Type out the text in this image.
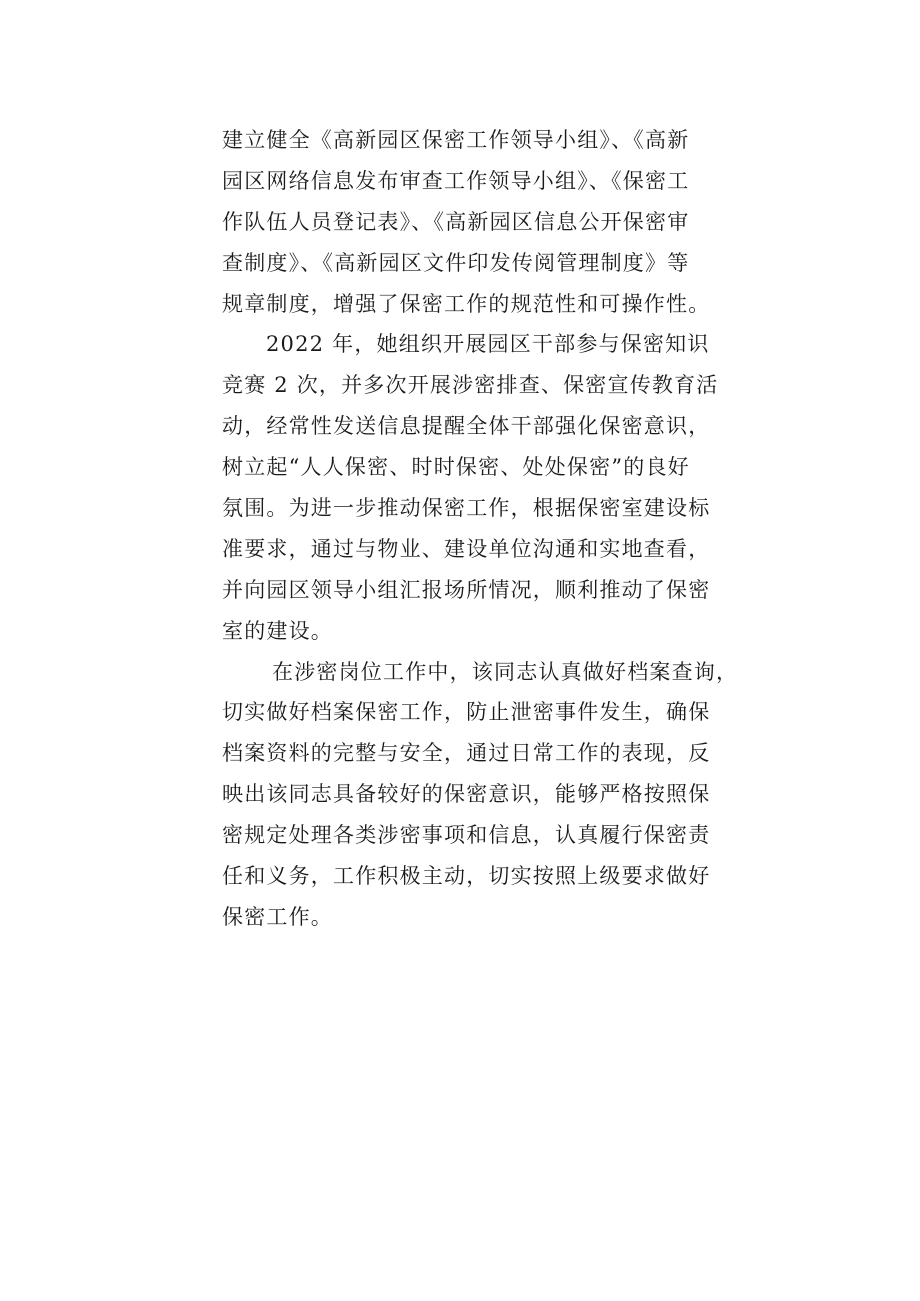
建立健全《高新园区保密工作领导小组》、《高新
园区网络信息发布审查工作领导小组》、《保密工
作队伍人员登记表》、《高新园区信息公开保密审
查制度》、《高新园区文件印发传阅管理制度》等
规章制度，增强了保密工作的规范性和可操作性。
2022 年，她组织开展园区干部参与保密知识
竞赛 2 次，并多次开展涉密排查、保密宣传教育活
动，经常性发送信息提醒全体干部强化保密意识，
树立起“人人保密、时时保密、处处保密”的良好
氛围。为进一步推动保密工作，根据保密室建设标
准要求，通过与物业、建设单位沟通和实地查看，
并向园区领导小组汇报场所情况，顺利推动了保密
室的建设。
在涉密岗位工作中，该同志认真做好档案查询，
切实做好档案保密工作，防止泄密事件发生，确保
档案资料的完整与安全，通过日常工作的表现，反
映出该同志具备较好的保密意识，能够严格按照保
密规定处理各类涉密事项和信息，认真履行保密责
任和义务，工作积极主动，切实按照上级要求做好
保密工作。
